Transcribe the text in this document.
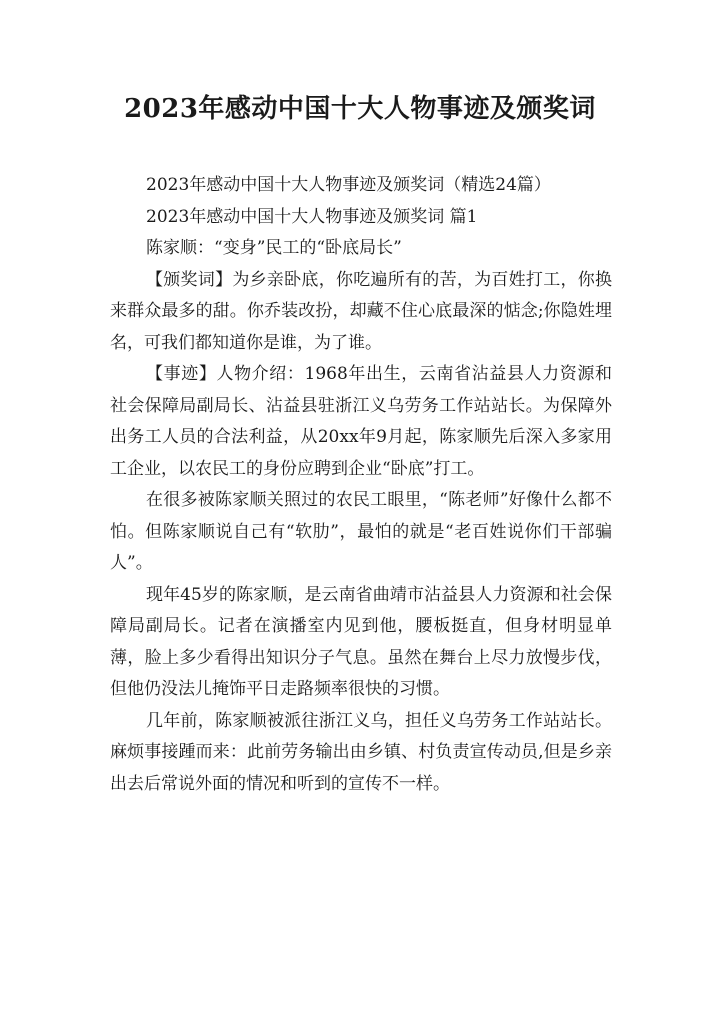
2023年感动中国十大人物事迹及颁奖词

2023年感动中国十大人物事迹及颁奖词（精选24篇）

2023年感动中国十大人物事迹及颁奖词 篇1

陈家顺：“变身”民工的“卧底局长”

【颁奖词】为乡亲卧底，你吃遍所有的苦，为百姓打工，你换来群众最多的甜。你乔装改扮，却藏不住心底最深的惦念;你隐姓埋名，可我们都知道你是谁，为了谁。

【事迹】人物介绍：1968年出生，云南省沾益县人力资源和社会保障局副局长、沾益县驻浙江义乌劳务工作站站长。为保障外出务工人员的合法利益，从20xx年9月起，陈家顺先后深入多家用工企业，以农民工的身份应聘到企业“卧底”打工。

在很多被陈家顺关照过的农民工眼里，“陈老师”好像什么都不怕。但陈家顺说自己有“软肋”，最怕的就是“老百姓说你们干部骗人”。

现年45岁的陈家顺，是云南省曲靖市沾益县人力资源和社会保障局副局长。记者在演播室内见到他，腰板挺直，但身材明显单薄，脸上多少看得出知识分子气息。虽然在舞台上尽力放慢步伐，但他仍没法儿掩饰平日走路频率很快的习惯。

几年前，陈家顺被派往浙江义乌，担任义乌劳务工作站站长。麻烦事接踵而来：此前劳务输出由乡镇、村负责宣传动员,但是乡亲出去后常说外面的情况和听到的宣传不一样。
